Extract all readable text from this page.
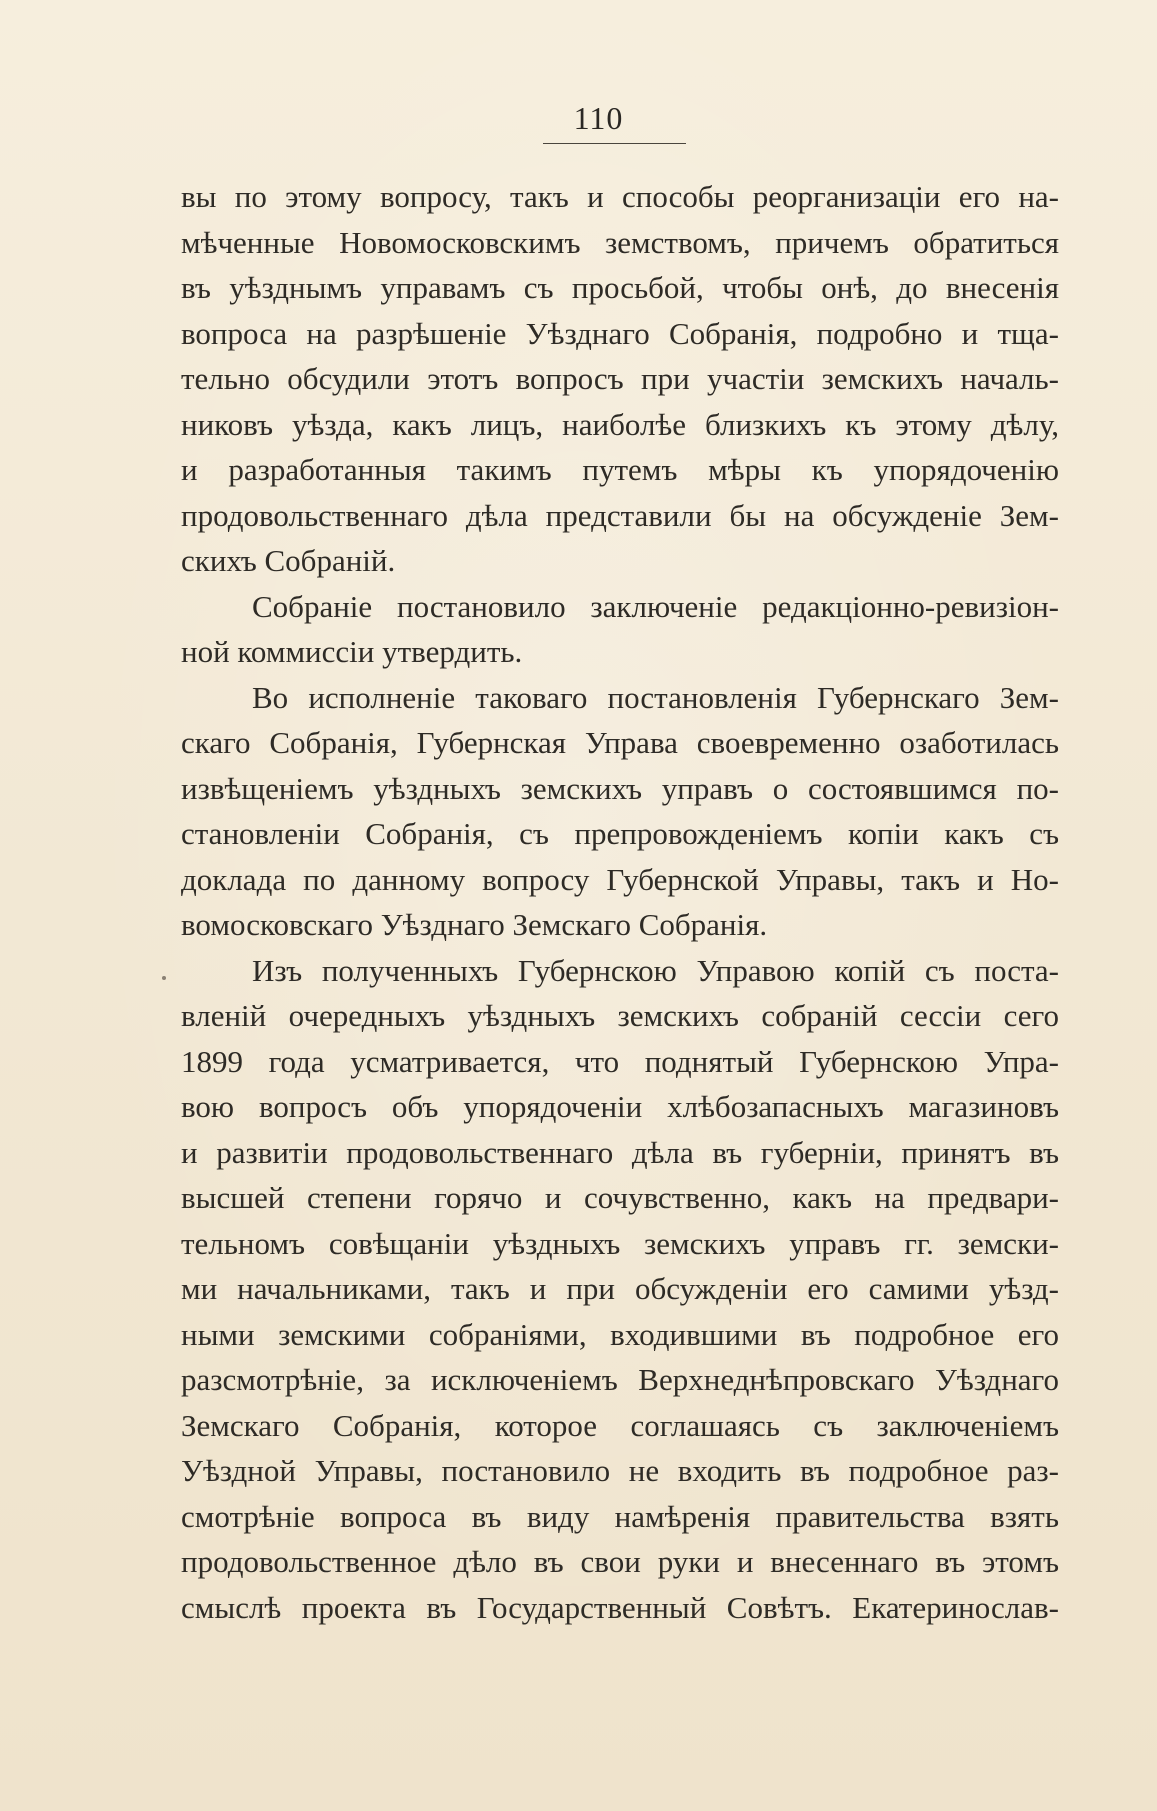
110
вы по этому вопросу, такъ и способы реорганизаціи его на-
мѣченные Новомосковскимъ земствомъ, причемъ обратиться
въ уѣзднымъ управамъ съ просьбой, чтобы онѣ, до внесенія
вопроса на разрѣшеніе Уѣзднаго Собранія, подробно и тща-
тельно обсудили этотъ вопросъ при участіи земскихъ началь-
никовъ уѣзда, какъ лицъ, наиболѣе близкихъ къ этому дѣлу,
и разработанныя такимъ путемъ мѣры къ упорядоченію
продовольственнаго дѣла представили бы на обсужденіе Зем-
скихъ Собраній.
Собраніе постановило заключеніе редакціонно-ревизіон-
ной коммиссіи утвердить.
Во исполненіе таковаго постановленія Губернскаго Зем-
скаго Собранія, Губернская Управа своевременно озаботилась
извѣщеніемъ уѣздныхъ земскихъ управъ о состоявшимся по-
становленіи Собранія, съ препровожденіемъ копіи какъ съ
доклада по данному вопросу Губернской Управы, такъ и Но-
вомосковскаго Уѣзднаго Земскаго Собранія.
Изъ полученныхъ Губернскою Управою копій съ поста-
вленій очередныхъ уѣздныхъ земскихъ собраній сессіи сего
1899 года усматривается, что поднятый Губернскою Упра-
вою вопросъ объ упорядоченіи хлѣбозапасныхъ магазиновъ
и развитіи продовольственнаго дѣла въ губерніи, принятъ въ
высшей степени горячо и сочувственно, какъ на предвари-
тельномъ совѣщаніи уѣздныхъ земскихъ управъ гг. земски-
ми начальниками, такъ и при обсужденіи его самими уѣзд-
ными земскими собраніями, входившими въ подробное его
разсмотрѣніе, за исключеніемъ Верхнеднѣпровскаго Уѣзднаго
Земскаго Собранія, которое соглашаясь съ заключеніемъ
Уѣздной Управы, постановило не входить въ подробное раз-
смотрѣніе вопроса въ виду намѣренія правительства взять
продовольственное дѣло въ свои руки и внесеннаго въ этомъ
смыслѣ проекта въ Государственный Совѣтъ. Екатеринослав-
